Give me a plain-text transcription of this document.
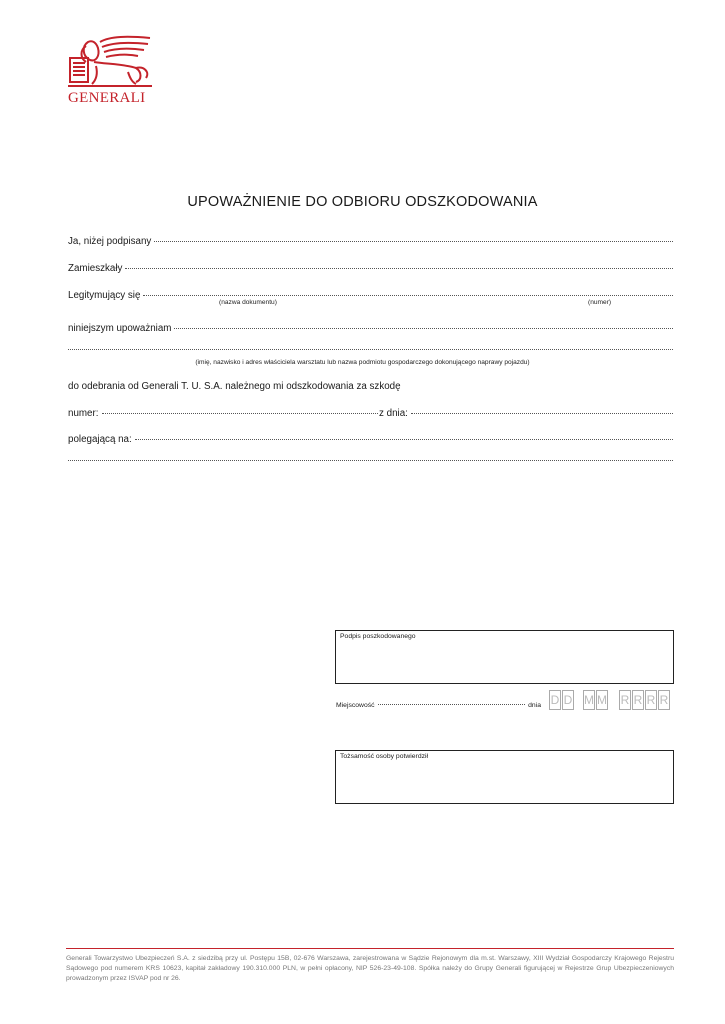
GENERALI
UPOWAŻNIENIE DO ODBIORU ODSZKODOWANIA
Ja, niżej podpisany
Zamieszkały
Legitymujący się
(nazwa dokumentu)	(numer)
niniejszym upoważniam
(imię, nazwisko i adres właściciela warsztatu lub nazwa podmiotu gospodarczego dokonującego naprawy pojazdu)
do odebrania od Generali T. U. S.A. należnego mi odszkodowania za szkodę
numer:	z dnia:
polegającą na:
Podpis poszkodowanego
Miejscowość	dnia D D M M R R R R
Tożsamość osoby potwierdził
Generali Towarzystwo Ubezpieczeń S.A. z siedzibą przy ul. Postępu 15B, 02-676 Warszawa, zarejestrowana w Sądzie Rejonowym dla m.st. Warszawy, XIII Wydział Gospodarczy Krajowego Rejestru Sądowego pod numerem KRS 10623, kapitał zakładowy 190.310.000 PLN, w pełni opłacony, NIP 526-23-49-108. Spółka należy do Grupy Generali figurującej w Rejestrze Grup Ubezpieczeniowych prowadzonym przez ISVAP pod nr 26.
